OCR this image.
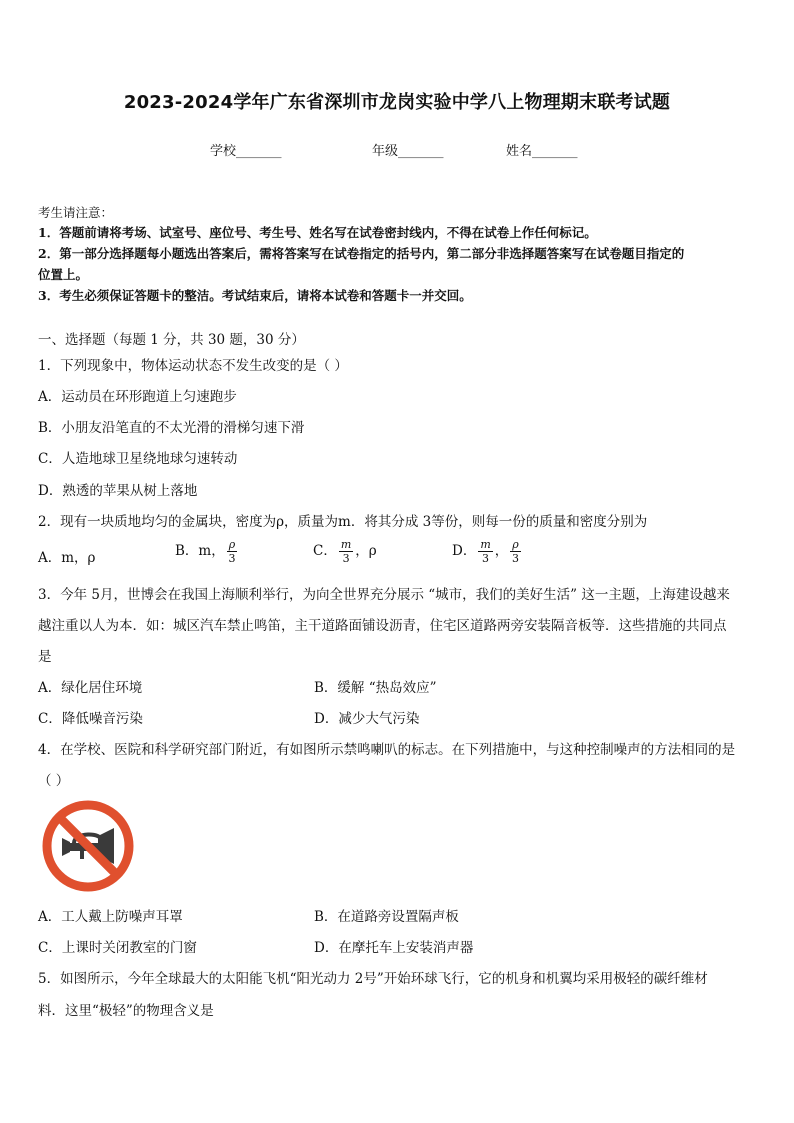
2023-2024学年广东省深圳市龙岗实验中学八上物理期末联考试题
学校_______	年级_______	姓名_______
考生请注意：
1．答题前请将考场、试室号、座位号、考生号、姓名写在试卷密封线内，不得在试卷上作任何标记。
2．第一部分选择题每小题选出答案后，需将答案写在试卷指定的括号内，第二部分非选择题答案写在试卷题目指定的
位置上。
3．考生必须保证答题卡的整洁。考试结束后，请将本试卷和答题卡一并交回。
一、选择题（每题 1 分，共 30 题，30 分）
1．下列现象中，物体运动状态不发生改变的是（ ）
A．运动员在环形跑道上匀速跑步
B．小朋友沿笔直的不太光滑的滑梯匀速下滑
C．人造地球卫星绕地球匀速转动
D．熟透的苹果从树上落地
2．现有一块质地均匀的金属块，密度为ρ，质量为m．将其分成 3等份，则每一份的质量和密度分别为
A．m，ρ	B．m， $\frac{\rho}{3}$	C． $\frac{m}{3}$ ，ρ	D． $\frac{m}{3}$ ， $\frac{\rho}{3}$
3．今年 5月，世博会在我国上海顺利举行，为向全世界充分展示 “城市，我们的美好生活” 这一主题，上海建设越来
越注重以人为本．如：城区汽车禁止鸣笛，主干道路面铺设沥青，住宅区道路两旁安装隔音板等．这些措施的共同点
是
A．绿化居住环境	B．缓解 “热岛效应”
C．降低噪音污染	D．减少大气污染
4．在学校、医院和科学研究部门附近，有如图所示禁鸣喇叭的标志。在下列措施中，与这种控制噪声的方法相同的是
（ ）
A．工人戴上防噪声耳罩	B．在道路旁设置隔声板
C．上课时关闭教室的门窗	D．在摩托车上安装消声器
5．如图所示，今年全球最大的太阳能飞机“阳光动力 2号”开始环球飞行，它的机身和机翼均采用极轻的碳纤维材
料．这里“极轻”的物理含义是
